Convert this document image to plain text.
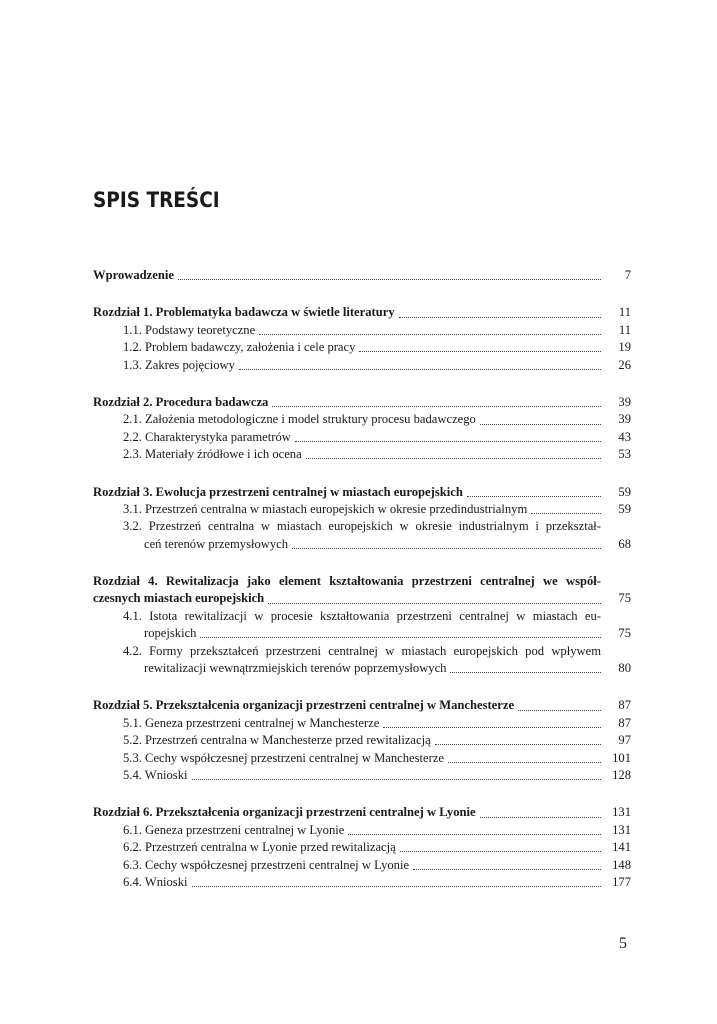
SPIS TREŚCI
Wprowadzenie	7
Rozdział 1. Problematyka badawcza w świetle literatury	11
1.1. Podstawy teoretyczne	11
1.2. Problem badawczy, założenia i cele pracy	19
1.3. Zakres pojęciowy	26
Rozdział 2. Procedura badawcza	39
2.1. Założenia metodologiczne i model struktury procesu badawczego	39
2.2. Charakterystyka parametrów	43
2.3. Materiały źródłowe i ich ocena	53
Rozdział 3. Ewolucja przestrzeni centralnej w miastach europejskich	59
3.1. Przestrzeń centralna w miastach europejskich w okresie przedindustrialnym	59
3.2. Przestrzeń centralna w miastach europejskich w okresie industrialnym i przekształ-
ceń terenów przemysłowych	68
Rozdział 4. Rewitalizacja jako element kształtowania przestrzeni centralnej we współ-
czesnych miastach europejskich	75
4.1. Istota rewitalizacji w procesie kształtowania przestrzeni centralnej w miastach eu-
ropejskich	75
4.2. Formy przekształceń przestrzeni centralnej w miastach europejskich pod wpływem
rewitalizacji wewnątrzmiejskich terenów poprzemysłowych	80
Rozdział 5. Przekształcenia organizacji przestrzeni centralnej w Manchesterze	87
5.1. Geneza przestrzeni centralnej w Manchesterze	87
5.2. Przestrzeń centralna w Manchesterze przed rewitalizacją	97
5.3. Cechy współczesnej przestrzeni centralnej w Manchesterze	101
5.4. Wnioski	128
Rozdział 6. Przekształcenia organizacji przestrzeni centralnej w Lyonie	131
6.1. Geneza przestrzeni centralnej w Lyonie	131
6.2. Przestrzeń centralna w Lyonie przed rewitalizacją	141
6.3. Cechy współczesnej przestrzeni centralnej w Lyonie	148
6.4. Wnioski	177
5
